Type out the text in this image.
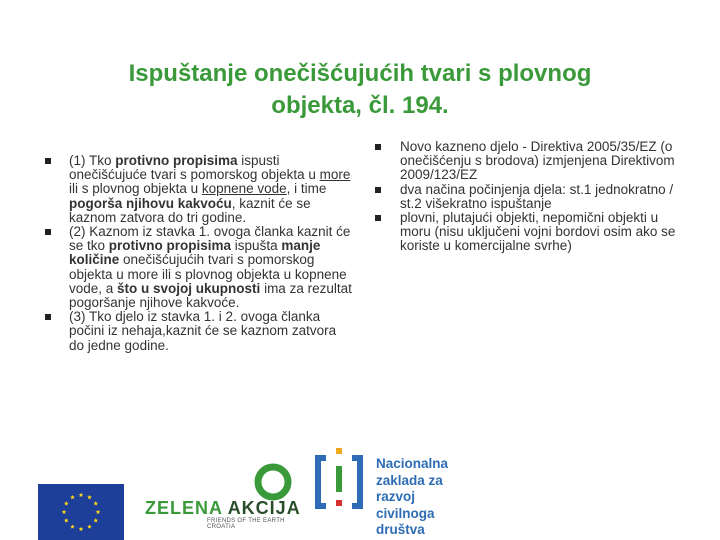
Ispuštanje onečišćujućih tvari s plovnog
objekta, čl. 194.
(1) Tko protivno propisima ispusti onečišćujuće tvari s pomorskog objekta u more ili s plovnog objekta u kopnene vode, i time pogorša njihovu kakvoću, kaznit će se kaznom zatvora do tri godine.
(2) Kaznom iz stavka 1. ovoga članka kaznit će se tko protivno propisima ispušta manje količine onečišćujućih tvari s pomorskog objekta u more ili s plovnog objekta u kopnene vode, a što u svojoj ukupnosti ima za rezultat pogoršanje njihove kakvoće.
(3) Tko djelo iz stavka 1. i 2. ovoga članka počini iz nehaja,kaznit će se kaznom zatvora do jedne godine.
Novo kazneno djelo - Direktiva 2005/35/EZ (o onečišćenju s brodova) izmjenjena Direktivom 2009/123/EZ
dva načina počinjenja djela: st.1 jednokratno / st.2 višekratno ispuštanje
plovni, plutajući objekti, nepomični objekti u moru (nisu uključeni vojni bordovi osim ako se koriste u komercijalne svrhe)
ZELENA AKCIJA
FRIENDS OF THE EARTH CROATIA
Nacionalna
zaklada za
razvoj
civilnoga
društva
